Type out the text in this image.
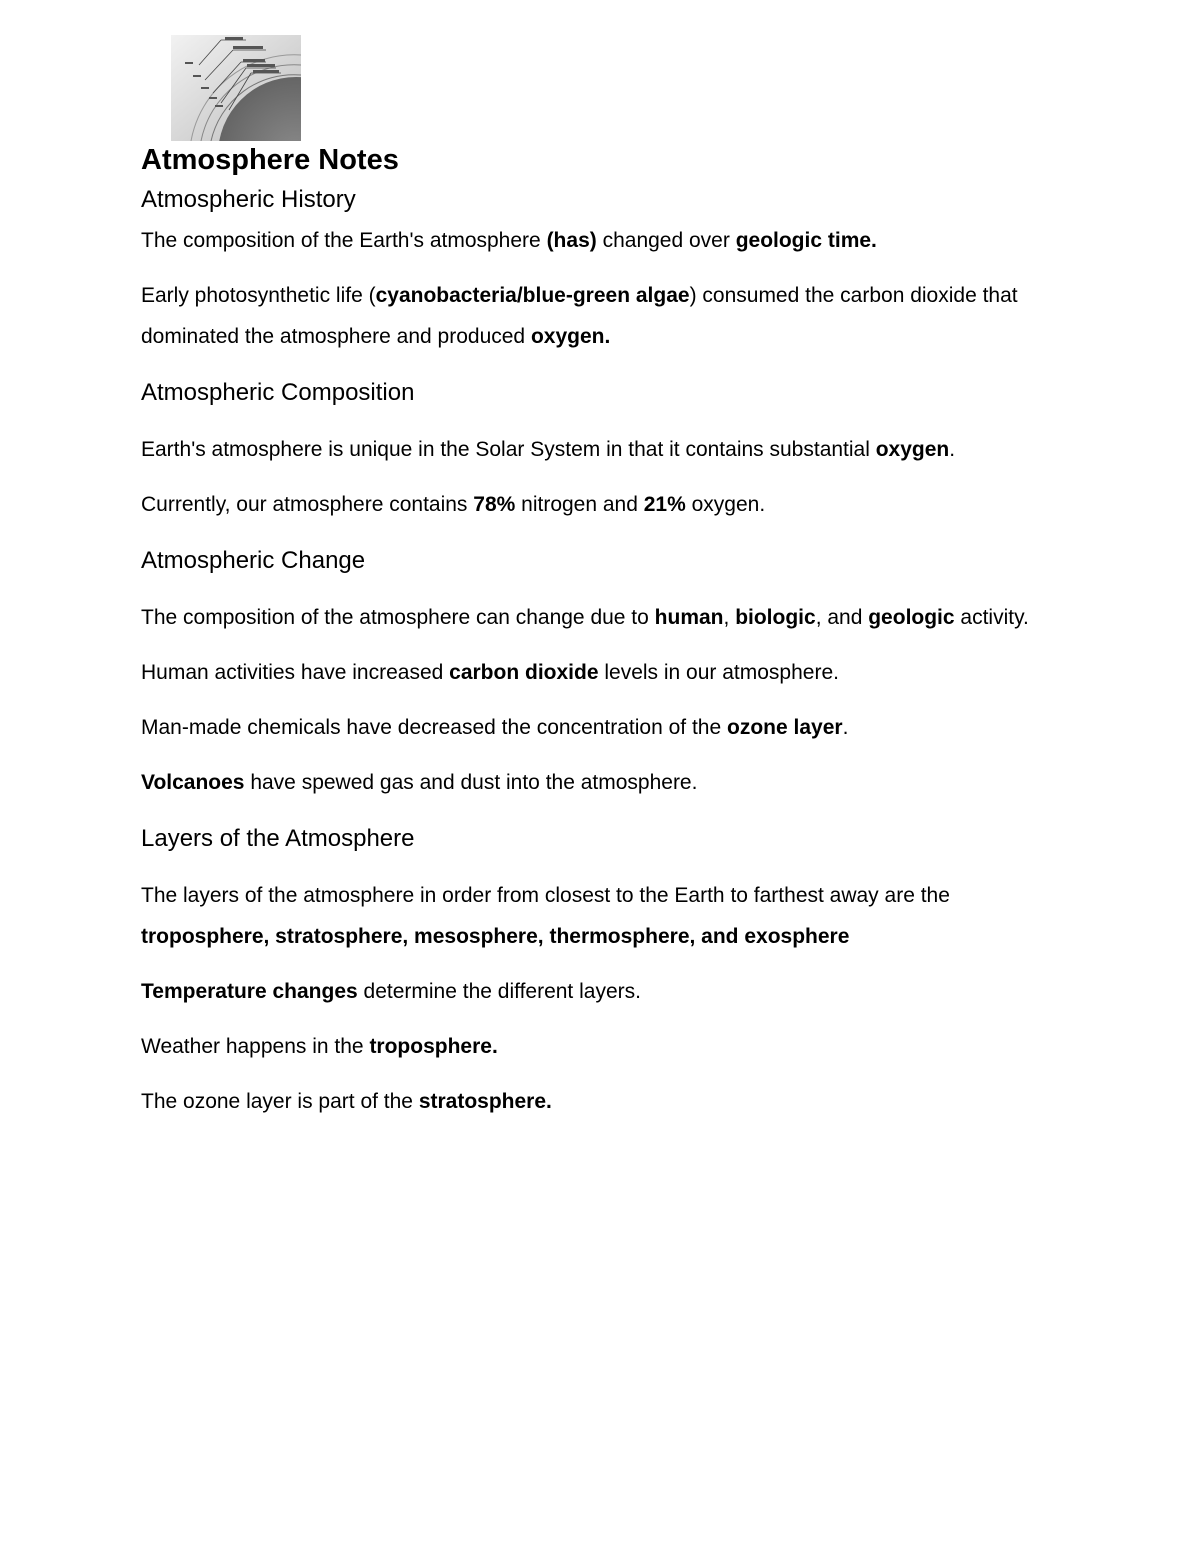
Atmosphere Notes
Atmospheric History

The composition of the Earth's atmosphere (has) changed over geologic time.

Early photosynthetic life (cyanobacteria/blue-green algae) consumed the carbon dioxide that dominated the atmosphere and produced oxygen.

Atmospheric Composition

Earth's atmosphere is unique in the Solar System in that it contains substantial oxygen.

Currently, our atmosphere contains 78% nitrogen and 21% oxygen.

Atmospheric Change

The composition of the atmosphere can change due to human, biologic, and geologic activity.

Human activities have increased carbon dioxide levels in our atmosphere.

Man-made chemicals have decreased the concentration of the ozone layer.

Volcanoes have spewed gas and dust into the atmosphere.

Layers of the Atmosphere

The layers of the atmosphere in order from closest to the Earth to farthest away are the troposphere, stratosphere, mesosphere, thermosphere, and exosphere

Temperature changes determine the different layers.

Weather happens in the troposphere.

The ozone layer is part of the stratosphere.
